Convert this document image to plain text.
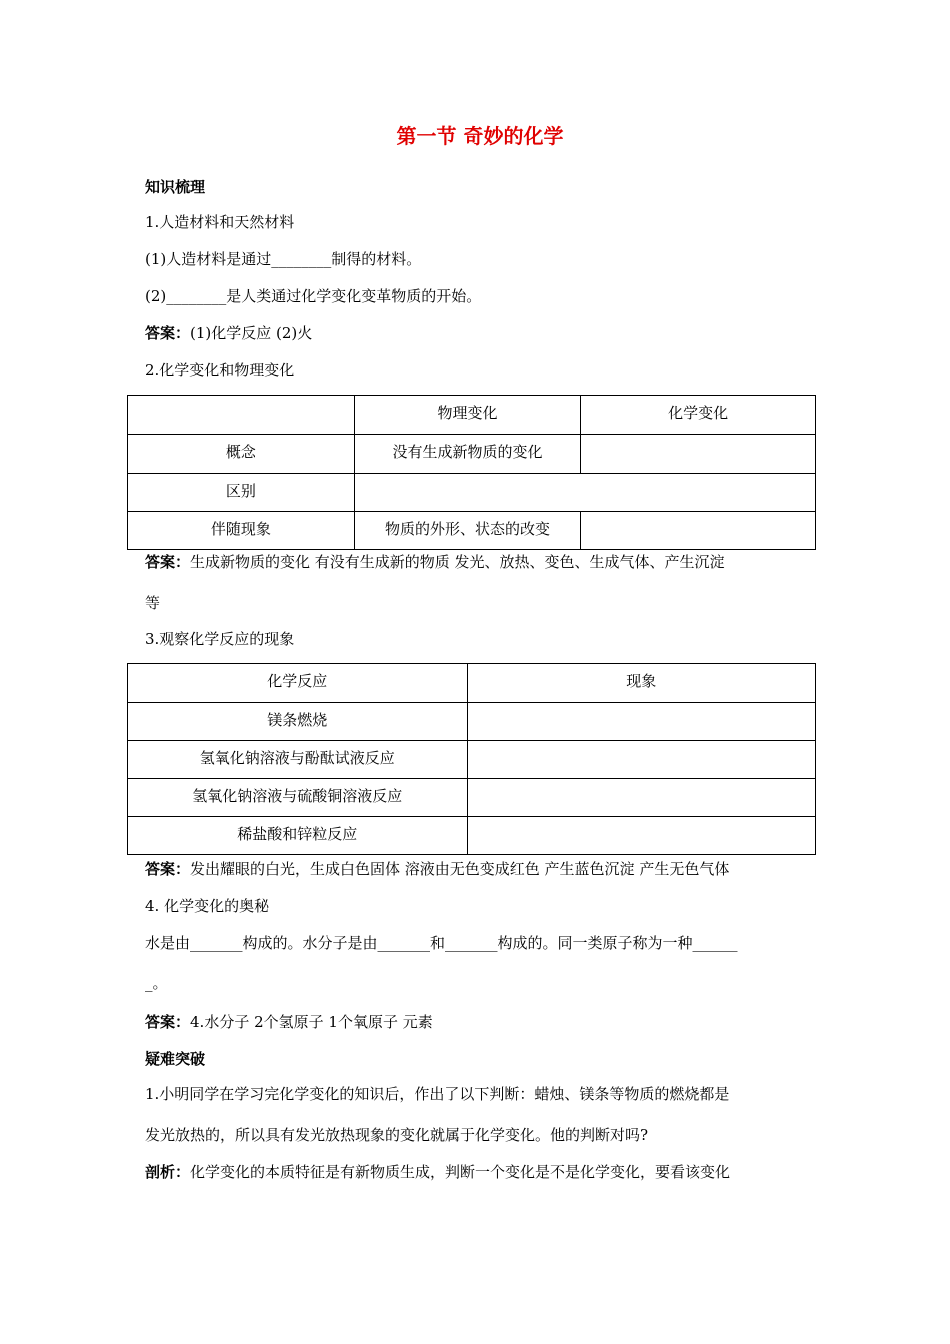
第一节 奇妙的化学
知识梳理
1.人造材料和天然材料
(1)人造材料是通过________制得的材料。
(2)________是人类通过化学变化变革物质的开始。
答案：(1)化学反应 (2)火
2.化学变化和物理变化
	物理变化	化学变化
概念	没有生成新物质的变化	
区别		
伴随现象	物质的外形、状态的改变	
答案：生成新物质的变化 有没有生成新的物质 发光、放热、变色、生成气体、产生沉淀
等
3.观察化学反应的现象
化学反应	现象
镁条燃烧	
氢氧化钠溶液与酚酞试液反应	
氢氧化钠溶液与硫酸铜溶液反应	
稀盐酸和锌粒反应	
答案：发出耀眼的白光，生成白色固体 溶液由无色变成红色 产生蓝色沉淀 产生无色气体
4. 化学变化的奥秘
水是由_______构成的。水分子是由_______和_______构成的。同一类原子称为一种______
_。
答案：4.水分子 2个氢原子 1个氧原子 元素
疑难突破
1.小明同学在学习完化学变化的知识后，作出了以下判断：蜡烛、镁条等物质的燃烧都是
发光放热的，所以具有发光放热现象的变化就属于化学变化。他的判断对吗?
剖析：化学变化的本质特征是有新物质生成，判断一个变化是不是化学变化，要看该变化
